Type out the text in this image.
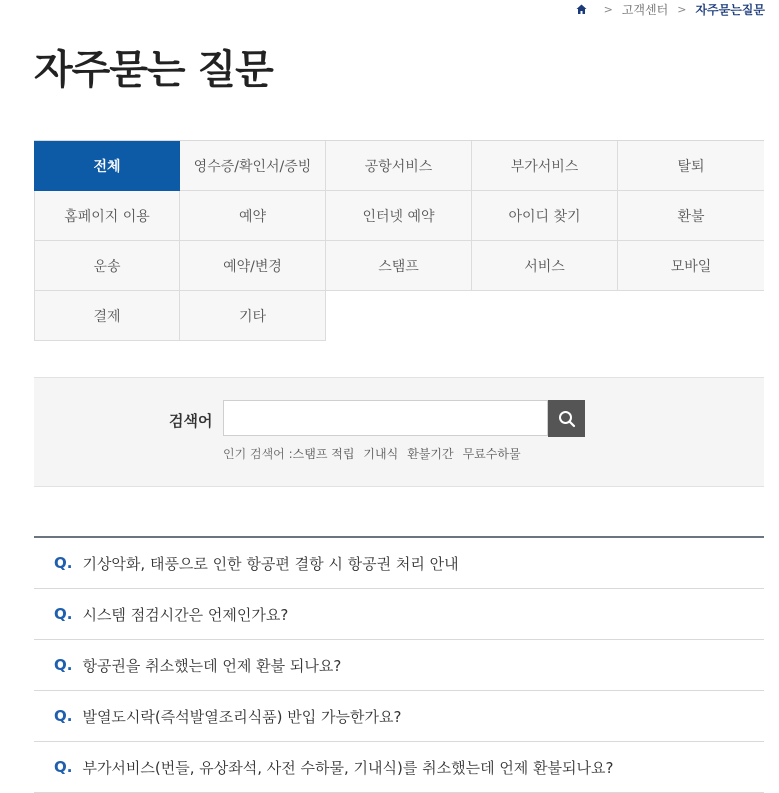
> 고객센터 > 자주묻는질문
자주묻는 질문
전체	영수증/확인서/증빙	공항서비스	부가서비스	탈퇴
홈페이지 이용	예약	인터넷 예약	아이디 찾기	환불
운송	예약/변경	스탬프	서비스	모바일
결제	기타
검색어
인기 검색어 : 스탬프 적립 기내식 환불기간 무료수하물
Q. 기상악화, 태풍으로 인한 항공편 결항 시 항공권 처리 안내
Q. 시스템 점검시간은 언제인가요?
Q. 항공권을 취소했는데 언제 환불 되나요?
Q. 발열도시락(즉석발열조리식품) 반입 가능한가요?
Q. 부가서비스(번들, 유상좌석, 사전 수하물, 기내식)를 취소했는데 언제 환불되나요?
